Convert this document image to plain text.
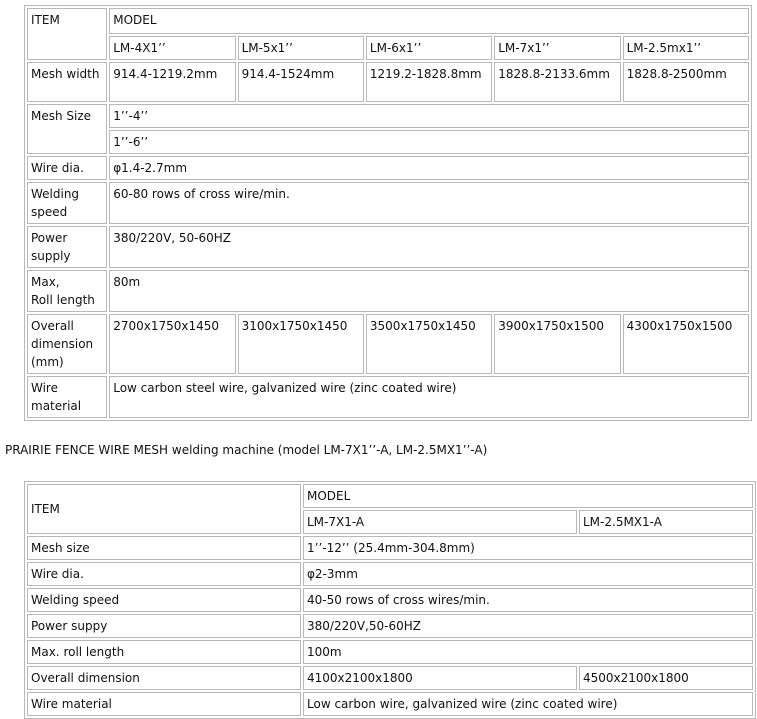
ITEM	MODEL				
	LM-4X1’’	LM-5x1’’	LM-6x1’’	LM-7x1’’	LM-2.5mx1’’
Mesh width	914.4-1219.2mm	914.4-1524mm	1219.2-1828.8mm	1828.8-2133.6mm	1828.8-2500mm
Mesh Size	1’’-4’’				
	1’’-6’’				
Wire dia.	φ1.4-2.7mm				
Welding speed	60-80 rows of cross wire/min.				
Power supply	380/220V, 50-60HZ				

Max,
Roll length	80m				
Overall dimension (mm)	2700x1750x1450	3100x1750x1450	3500x1750x1450	3900x1750x1500	4300x1750x1500
Wire material	Low carbon steel wire, galvanized wire (zinc coated wire)				
PRAIRIE FENCE WIRE MESH welding machine (model LM-7X1’’-A, LM-2.5MX1’’-A)
ITEM	MODEL	
	LM-7X1-A	LM-2.5MX1-A
Mesh size	1’’-12’’ (25.4mm-304.8mm)	
Wire dia.	φ2-3mm	
Welding speed	40-50 rows of cross wires/min.	
Power suppy	380/220V,50-60HZ	
Max. roll length	100m	
Overall dimension	4100x2100x1800	4500x2100x1800
Wire material	Low carbon wire, galvanized wire (zinc coated wire)	
